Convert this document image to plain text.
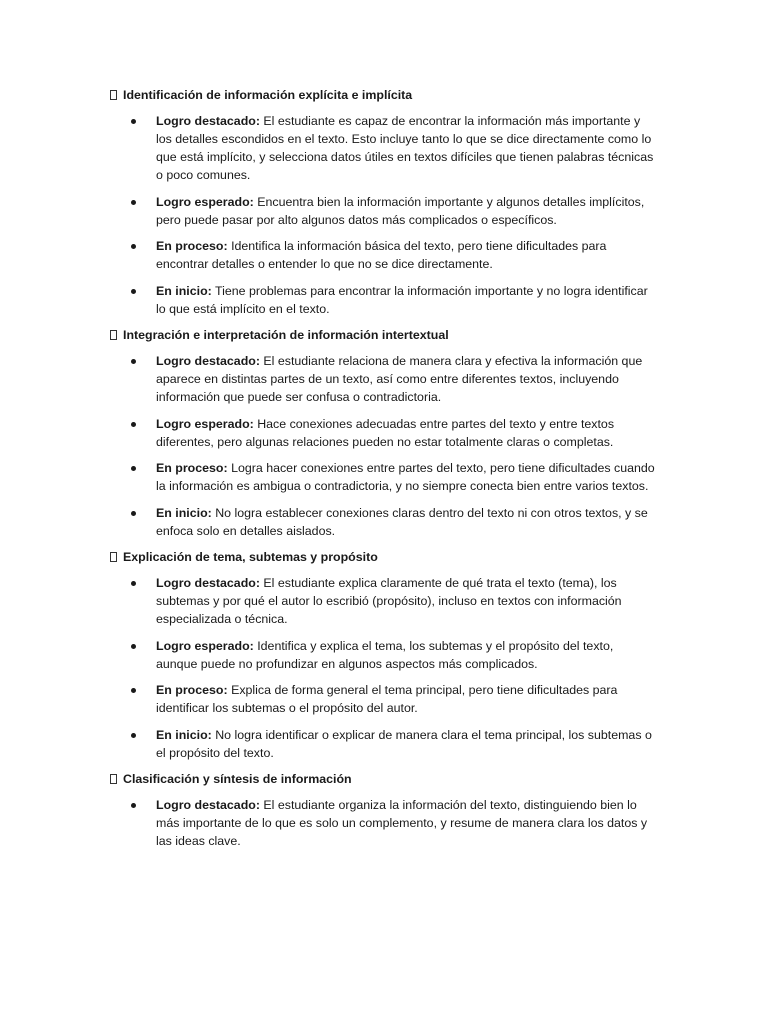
Identificación de información explícita e implícita
Logro destacado: El estudiante es capaz de encontrar la información más importante y los detalles escondidos en el texto. Esto incluye tanto lo que se dice directamente como lo que está implícito, y selecciona datos útiles en textos difíciles que tienen palabras técnicas o poco comunes.
Logro esperado: Encuentra bien la información importante y algunos detalles implícitos, pero puede pasar por alto algunos datos más complicados o específicos.
En proceso: Identifica la información básica del texto, pero tiene dificultades para encontrar detalles o entender lo que no se dice directamente.
En inicio: Tiene problemas para encontrar la información importante y no logra identificar lo que está implícito en el texto.
Integración e interpretación de información intertextual
Logro destacado: El estudiante relaciona de manera clara y efectiva la información que aparece en distintas partes de un texto, así como entre diferentes textos, incluyendo información que puede ser confusa o contradictoria.
Logro esperado: Hace conexiones adecuadas entre partes del texto y entre textos diferentes, pero algunas relaciones pueden no estar totalmente claras o completas.
En proceso: Logra hacer conexiones entre partes del texto, pero tiene dificultades cuando la información es ambigua o contradictoria, y no siempre conecta bien entre varios textos.
En inicio: No logra establecer conexiones claras dentro del texto ni con otros textos, y se enfoca solo en detalles aislados.
Explicación de tema, subtemas y propósito
Logro destacado: El estudiante explica claramente de qué trata el texto (tema), los subtemas y por qué el autor lo escribió (propósito), incluso en textos con información especializada o técnica.
Logro esperado: Identifica y explica el tema, los subtemas y el propósito del texto, aunque puede no profundizar en algunos aspectos más complicados.
En proceso: Explica de forma general el tema principal, pero tiene dificultades para identificar los subtemas o el propósito del autor.
En inicio: No logra identificar o explicar de manera clara el tema principal, los subtemas o el propósito del texto.
Clasificación y síntesis de información
Logro destacado: El estudiante organiza la información del texto, distinguiendo bien lo más importante de lo que es solo un complemento, y resume de manera clara los datos y las ideas clave.
